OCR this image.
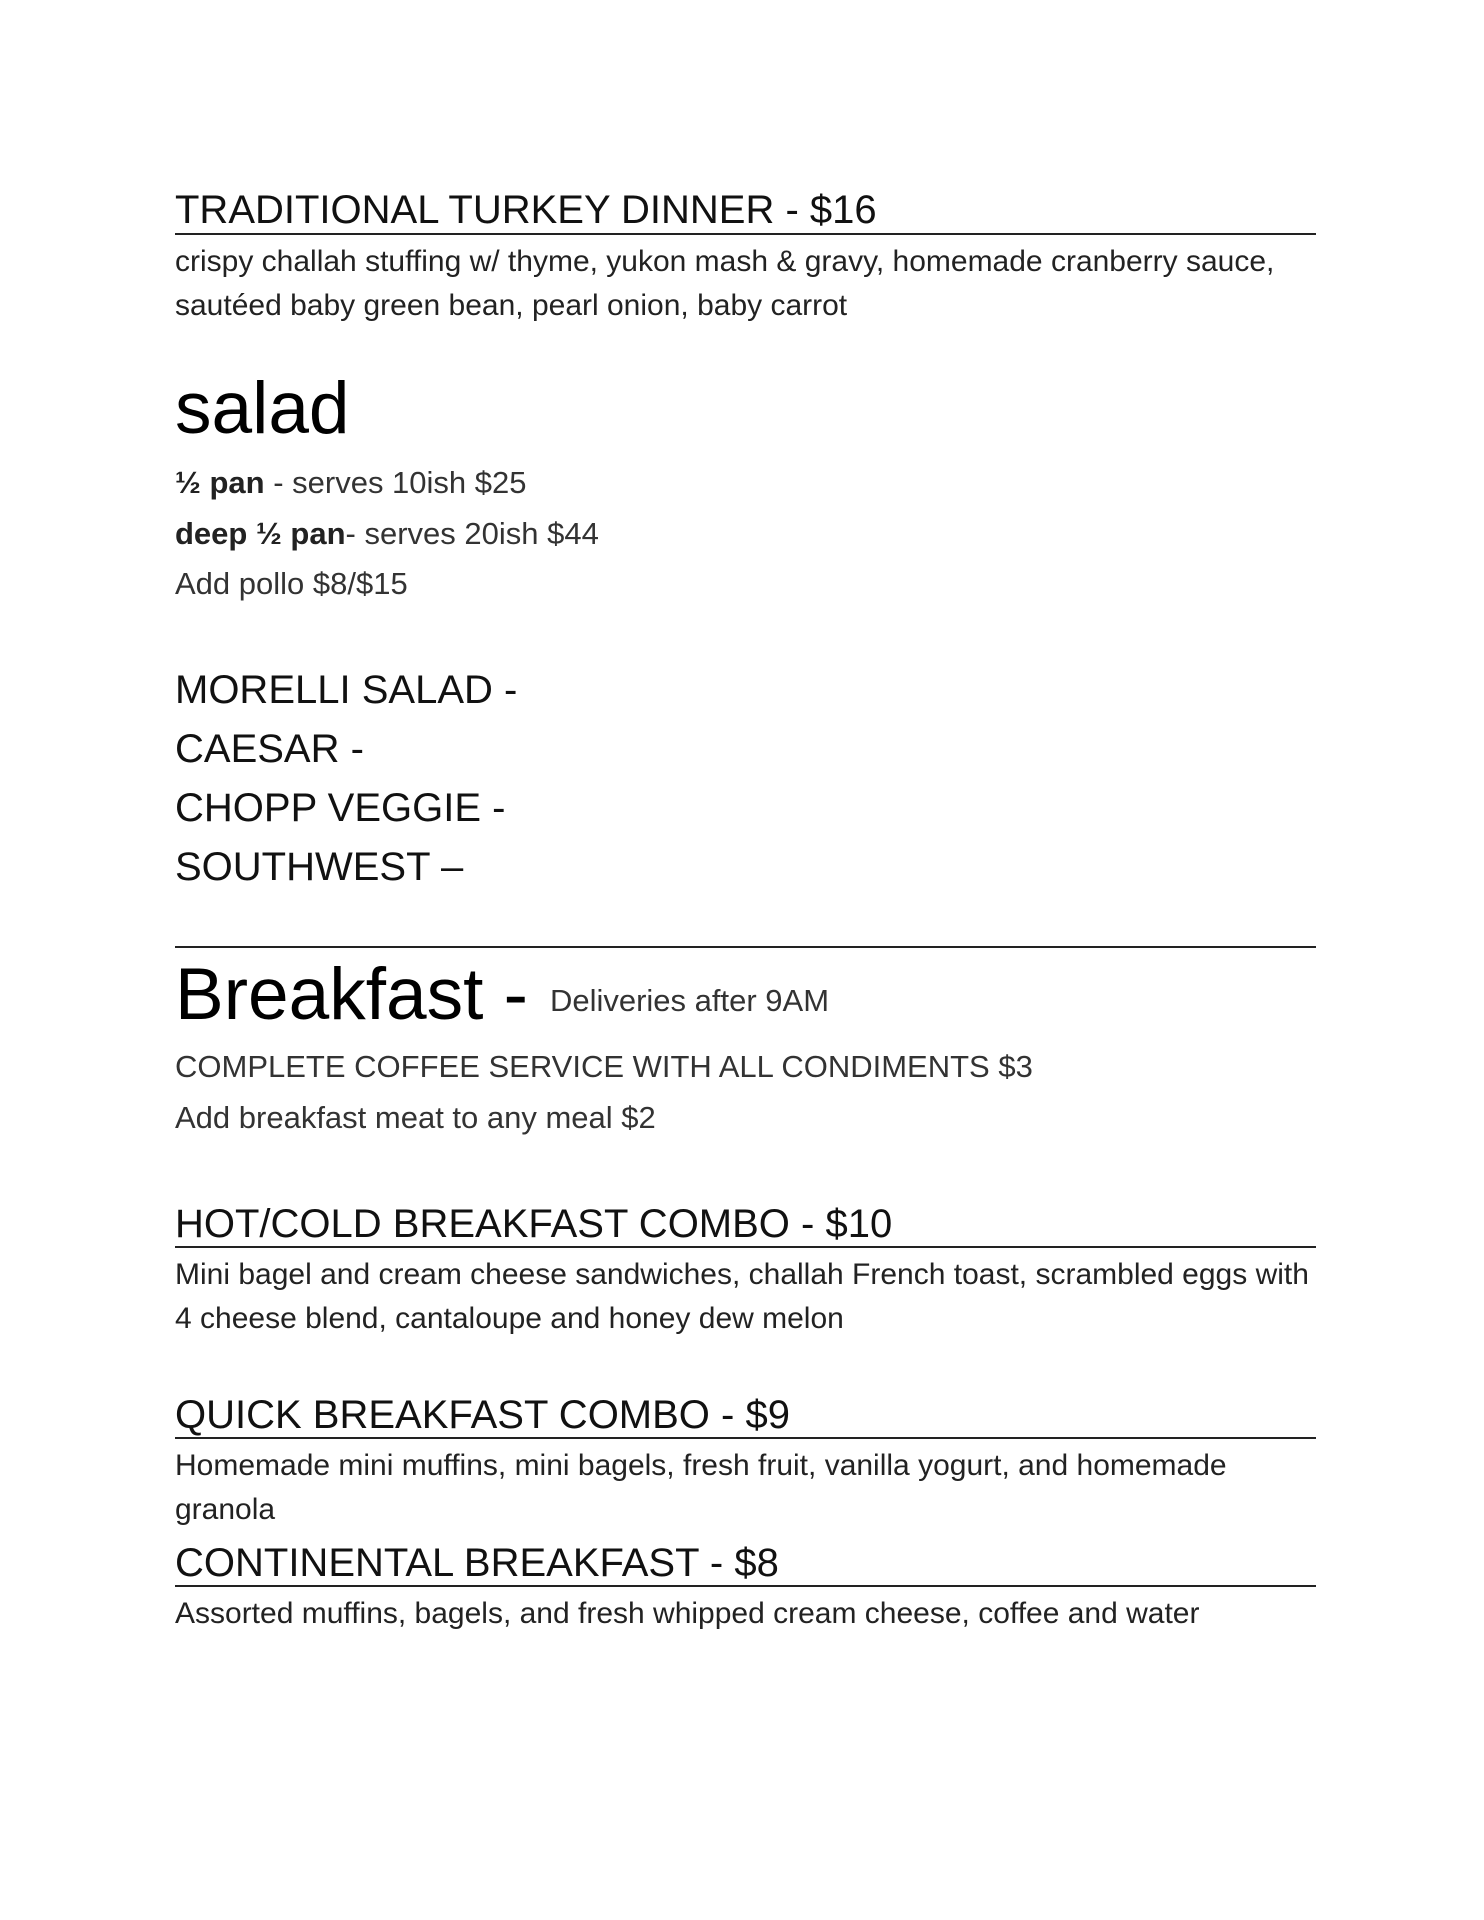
TRADITIONAL TURKEY DINNER - $16
crispy challah stuffing w/ thyme, yukon mash & gravy, homemade cranberry sauce, sautéed baby green bean, pearl onion, baby carrot
salad
½ pan - serves 10ish $25
deep ½ pan- serves 20ish $44
Add pollo $8/$15
MORELLI SALAD -
CAESAR -
CHOPP VEGGIE -
SOUTHWEST –
Breakfast - Deliveries after 9AM
COMPLETE COFFEE SERVICE WITH ALL CONDIMENTS $3
Add breakfast meat to any meal $2
HOT/COLD BREAKFAST COMBO - $10
Mini bagel and cream cheese sandwiches, challah French toast, scrambled eggs with 4 cheese blend, cantaloupe and honey dew melon
QUICK BREAKFAST COMBO - $9
Homemade mini muffins, mini bagels, fresh fruit, vanilla yogurt, and homemade granola
CONTINENTAL BREAKFAST - $8
Assorted muffins, bagels, and fresh whipped cream cheese, coffee and water
